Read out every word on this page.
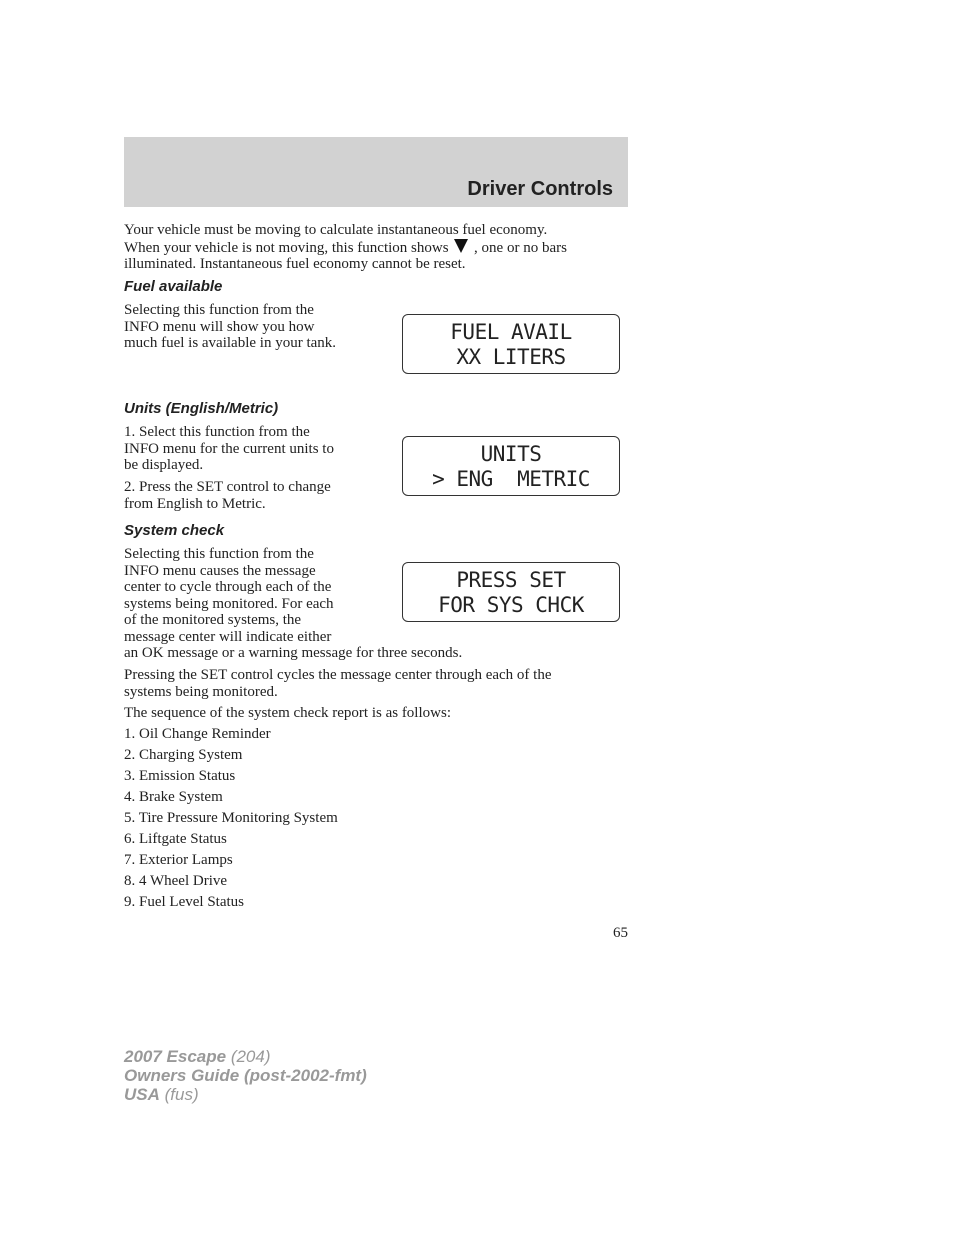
Driver Controls

Your vehicle must be moving to calculate instantaneous fuel economy.
When your vehicle is not moving, this function shows , one or no bars
illuminated. Instantaneous fuel economy cannot be reset.

Fuel available

Selecting this function from the
INFO menu will show you how
much fuel is available in your tank.	FUEL AVAIL
XX LITERS
Units (English/Metric)

1. Select this function from the
INFO menu for the current units to
be displayed.

2. Press the SET control to change
from English to Metric.

UNITS
> ENG  METRIC
System check

Selecting this function from the
INFO menu causes the message
center to cycle through each of the
systems being monitored. For each
of the monitored systems, the
message center will indicate either
an OK message or a warning message for three seconds.

PRESS SET
FOR SYS CHCK

Pressing the SET control cycles the message center through each of the
systems being monitored.

The sequence of the system check report is as follows:

1. Oil Change Reminder

2. Charging System

3. Emission Status

4. Brake System

5. Tire Pressure Monitoring System

6. Liftgate Status

7. Exterior Lamps

8. 4 Wheel Drive

9. Fuel Level Status

65
2007 Escape (204)
Owners Guide (post-2002-fmt)
USA (fus)
